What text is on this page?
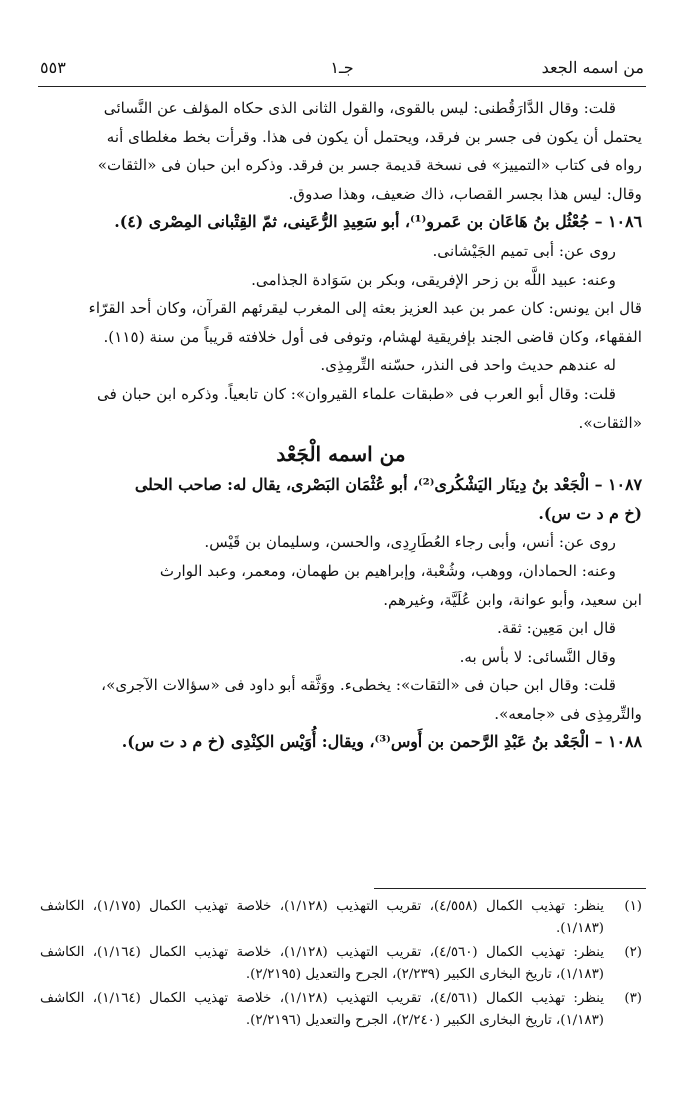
من اسمه الجعد
جـ١
٥٥٣

قلت: وقال الدَّارَقُطنى: ليس بالقوى، والقول الثانى الذى حكاه المؤلف عن النَّسائى

يحتمل أن يكون فى جسر بن فرقد، ويحتمل أن يكون فى هذا. وقرأت بخط مغلطاى أنه

رواه فى كتاب «التمييز» فى نسخة قديمة جسر بن فرقد. وذكره ابن حبان فى «الثقات»

وقال: ليس هذا بجسر القصاب، ذاك ضعيف، وهذا صدوق.

١٠٨٦ – جُعْثُل بنُ هَاعَان بن عَمرو⁽¹⁾، أبو سَعِيدِ الرُّعَينى، ثمّ القِتْبانى المِصْرى (٤).

روى عن: أبى تميم الجَيْشانى.

وعنه: عبيد اللَّه بن زحر الإفريقى، وبكر بن سَوَادة الجذامى.

قال ابن يونس: كان عمر بن عبد العزيز بعثه إلى المغرب ليقرئهم القرآن، وكان أحد القرّاء

الفقهاء، وكان قاضى الجند بإفريقية لهشام، وتوفى فى أول خلافته قريباً من سنة (١١٥).

له عندهم حديث واحد فى النذر، حسّنه التِّرمِذِى.

قلت: وقال أبو العرب فى «طبقات علماء القيروان»: كان تابعياً. وذكره ابن حبان فى

«الثقات».

من اسمه الْجَعْد

١٠٨٧ – الْجَعْد بنُ دِينَار اليَشْكُرى⁽²⁾، أبو عُثْمَان البَصْرى، يقال له: صاحب الحلى

(خ م د ت س).

روى عن: أنس، وأبى رجاء العُطَارِدِى، والحسن، وسليمان بن قَيْس.

وعنه: الحمادان، ووهب، وشُعْبة، وإبراهيم بن طهمان، ومعمر، وعبد الوارث

ابن سعيد، وأبو عوانة، وابن عُلَيَّة، وغيرهم.

قال ابن مَعِين: ثقة.

وقال النَّسائى: لا بأس به.

قلت: وقال ابن حبان فى «الثقات»: يخطىء. ووَثَّقه أبو داود فى «سؤالات الآجرى»،

والتِّرمِذِى فى «جامعه».

١٠٨٨ – الْجَعْد بنُ عَبْدِ الرَّحمن بن أَوس⁽³⁾، ويقال: أُوَيْس الكِنْدِى (خ م د ت س).

(١)
ينظر: تهذيب الكمال (٤/٥٥٨)، تقريب التهذيب (١/١٢٨)، خلاصة تهذيب الكمال (١/١٧٥)، الكاشف (١/١٨٣).
(٢)
ينظر: تهذيب الكمال (٤/٥٦٠)، تقريب التهذيب (١/١٢٨)، خلاصة تهذيب الكمال (١/١٦٤)، الكاشف (١/١٨٣)، تاريخ البخارى الكبير (٢/٢٣٩)، الجرح والتعديل (٢/٢١٩٥).
(٣)
ينظر: تهذيب الكمال (٤/٥٦١)، تقريب التهذيب (١/١٢٨)، خلاصة تهذيب الكمال (١/١٦٤)، الكاشف (١/١٨٣)، تاريخ البخارى الكبير (٢/٢٤٠)، الجرح والتعديل (٢/٢١٩٦).
